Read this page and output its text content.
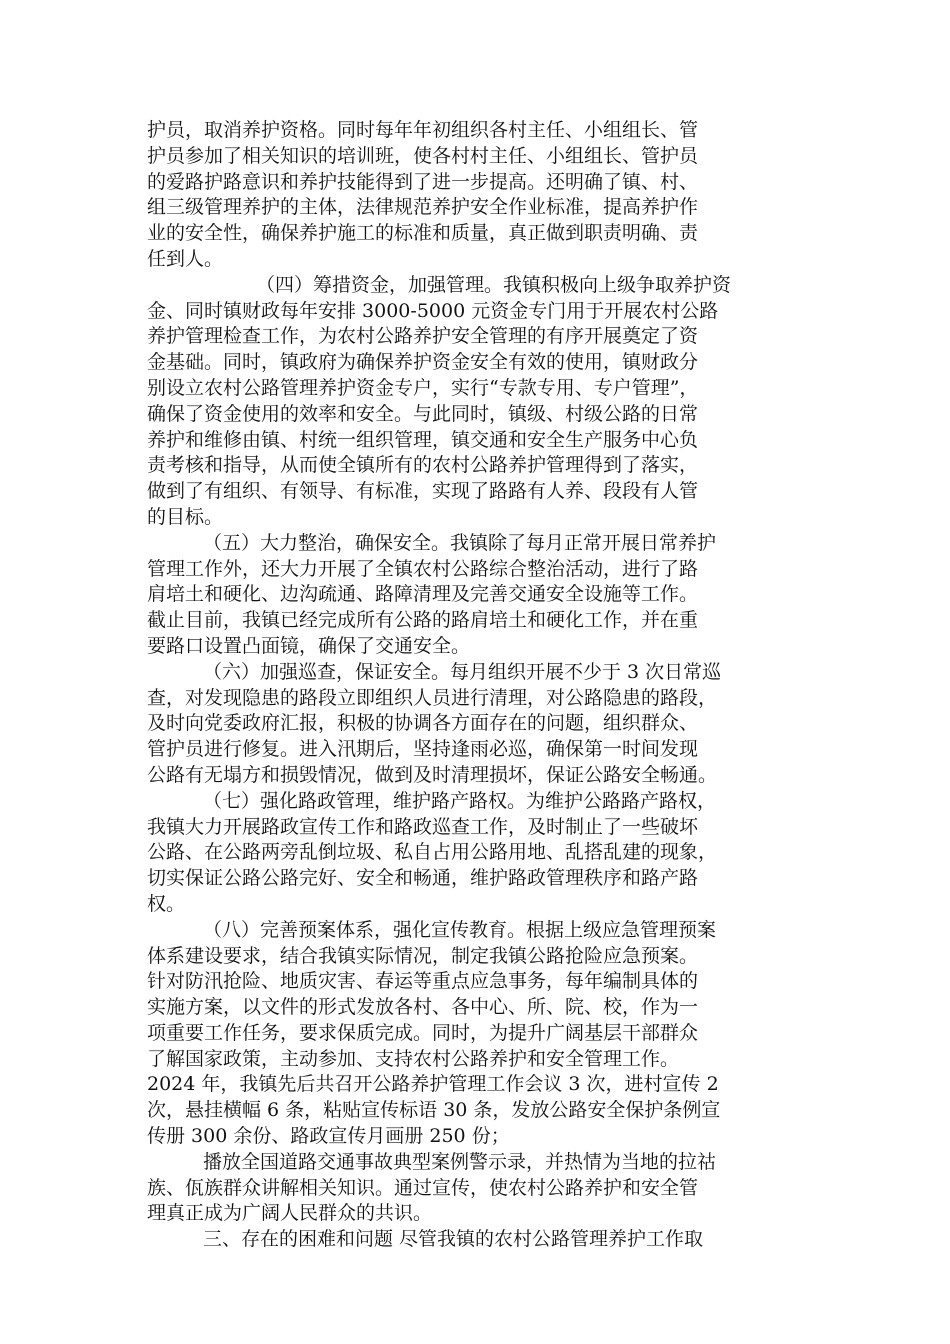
护员，取消养护资格。同时每年年初组织各村主任、小组组长、管
护员参加了相关知识的培训班，使各村村主任、小组组长、管护员
的爱路护路意识和养护技能得到了进一步提高。还明确了镇、村、
组三级管理养护的主体，法律规范养护安全作业标准，提高养护作
业的安全性，确保养护施工的标准和质量，真正做到职责明确、责
任到人。
（四）筹措资金，加强管理。我镇积极向上级争取养护资
金、同时镇财政每年安排 3000-5000 元资金专门用于开展农村公路
养护管理检查工作，为农村公路养护安全管理的有序开展奠定了资
金基础。同时，镇政府为确保养护资金安全有效的使用，镇财政分
别设立农村公路管理养护资金专户，实行“专款专用、专户管理”，
确保了资金使用的效率和安全。与此同时，镇级、村级公路的日常
养护和维修由镇、村统一组织管理，镇交通和安全生产服务中心负
责考核和指导，从而使全镇所有的农村公路养护管理得到了落实，
做到了有组织、有领导、有标准，实现了路路有人养、段段有人管
的目标。
（五）大力整治，确保安全。我镇除了每月正常开展日常养护
管理工作外，还大力开展了全镇农村公路综合整治活动，进行了路
肩培土和硬化、边沟疏通、路障清理及完善交通安全设施等工作。
截止目前，我镇已经完成所有公路的路肩培土和硬化工作，并在重
要路口设置凸面镜，确保了交通安全。
（六）加强巡查，保证安全。每月组织开展不少于 3 次日常巡
查，对发现隐患的路段立即组织人员进行清理，对公路隐患的路段，
及时向党委政府汇报，积极的协调各方面存在的问题，组织群众、
管护员进行修复。进入汛期后，坚持逢雨必巡，确保第一时间发现
公路有无塌方和损毁情况，做到及时清理损坏，保证公路安全畅通。
（七）强化路政管理，维护路产路权。为维护公路路产路权，
我镇大力开展路政宣传工作和路政巡查工作，及时制止了一些破坏
公路、在公路两旁乱倒垃圾、私自占用公路用地、乱搭乱建的现象，
切实保证公路公路完好、安全和畅通，维护路政管理秩序和路产路
权。
（八）完善预案体系，强化宣传教育。根据上级应急管理预案
体系建设要求，结合我镇实际情况，制定我镇公路抢险应急预案。
针对防汛抢险、地质灾害、春运等重点应急事务，每年编制具体的
实施方案，以文件的形式发放各村、各中心、所、院、校，作为一
项重要工作任务，要求保质完成。同时，为提升广阔基层干部群众
了解国家政策，主动参加、支持农村公路养护和安全管理工作。
2024 年，我镇先后共召开公路养护管理工作会议 3 次，进村宣传 2
次，悬挂横幅 6 条，粘贴宣传标语 30 条，发放公路安全保护条例宣
传册 300 余份、路政宣传月画册 250 份；
播放全国道路交通事故典型案例警示录，并热情为当地的拉祜
族、佤族群众讲解相关知识。通过宣传，使农村公路养护和安全管
理真正成为广阔人民群众的共识。
三、存在的困难和问题 尽管我镇的农村公路管理养护工作取
